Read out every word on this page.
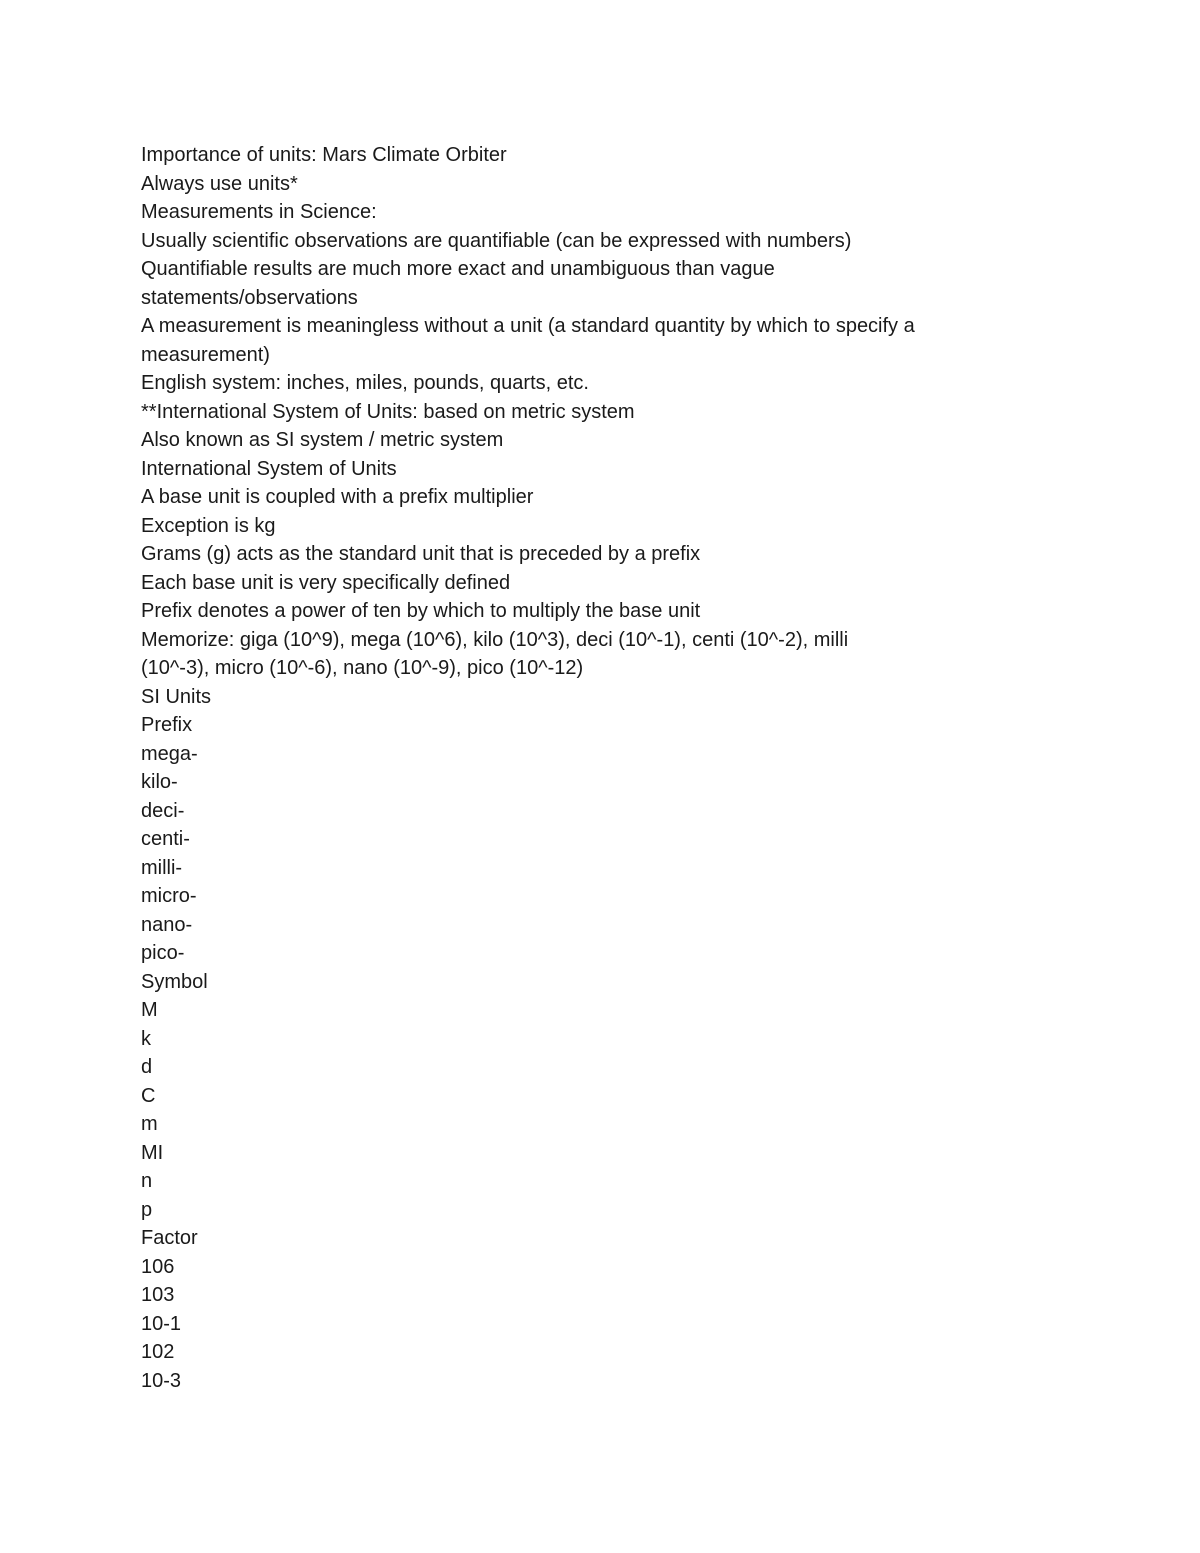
Importance of units: Mars Climate Orbiter
Always use units*
Measurements in Science:
Usually scientific observations are quantifiable (can be expressed with numbers)
Quantifiable results are much more exact and unambiguous than vague
statements/observations
A measurement is meaningless without a unit (a standard quantity by which to specify a
measurement)
English system: inches, miles, pounds, quarts, etc.
**International System of Units: based on metric system
Also known as SI system / metric system
International System of Units
A base unit is coupled with a prefix multiplier
Exception is kg
Grams (g) acts as the standard unit that is preceded by a prefix
Each base unit is very specifically defined
Prefix denotes a power of ten by which to multiply the base unit
Memorize: giga (10^9), mega (10^6), kilo (10^3), deci (10^-1), centi (10^-2), milli
(10^-3), micro (10^-6), nano (10^-9), pico (10^-12)
SI Units
Prefix
mega-
kilo-
deci-
centi-
milli-
micro-
nano-
pico-
Symbol
M
k
d
C
m
MI
n
p
Factor
106
103
10-1
102
10-3
